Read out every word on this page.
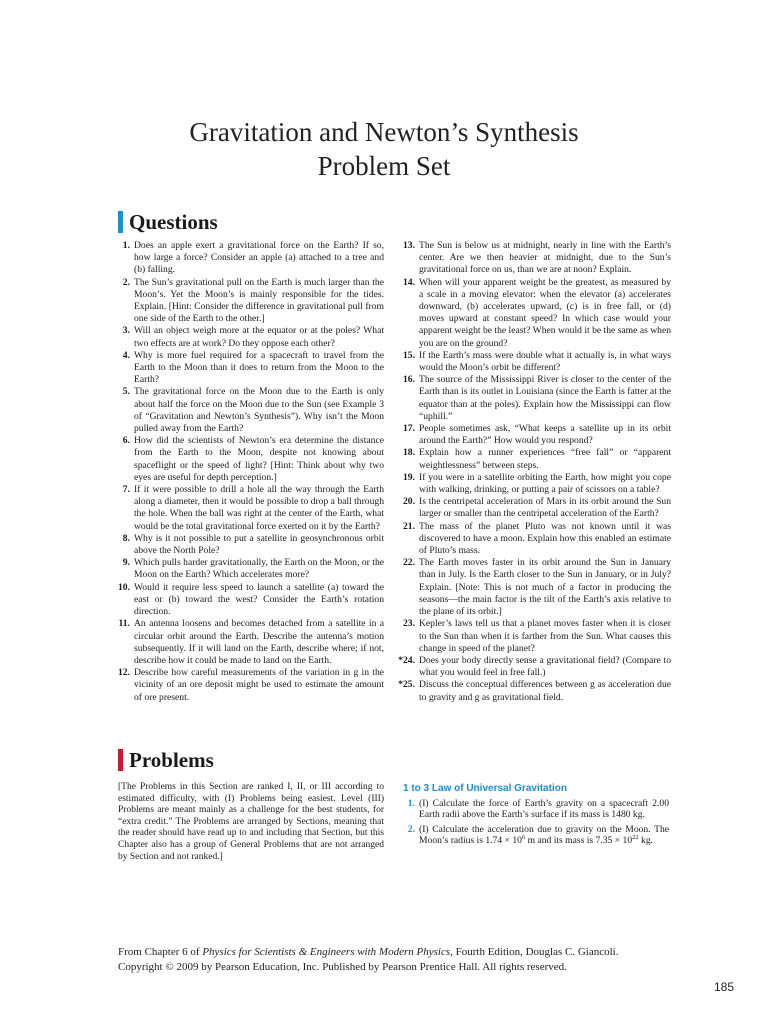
Gravitation and Newton’s Synthesis
Problem Set
Questions
1. Does an apple exert a gravitational force on the Earth? If so, how large a force? Consider an apple (a) attached to a tree and (b) falling.
2. The Sun’s gravitational pull on the Earth is much larger than the Moon’s. Yet the Moon’s is mainly responsible for the tides. Explain. [Hint: Consider the difference in gravitational pull from one side of the Earth to the other.]
3. Will an object weigh more at the equator or at the poles? What two effects are at work? Do they oppose each other?
4. Why is more fuel required for a spacecraft to travel from the Earth to the Moon than it does to return from the Moon to the Earth?
5. The gravitational force on the Moon due to the Earth is only about half the force on the Moon due to the Sun (see Example 3 of “Gravitation and Newton’s Synthesis”). Why isn’t the Moon pulled away from the Earth?
6. How did the scientists of Newton’s era determine the distance from the Earth to the Moon, despite not knowing about spaceflight or the speed of light? [Hint: Think about why two eyes are useful for depth perception.]
7. If it were possible to drill a hole all the way through the Earth along a diameter, then it would be possible to drop a ball through the hole. When the ball was right at the center of the Earth, what would be the total gravitational force exerted on it by the Earth?
8. Why is it not possible to put a satellite in geosynchronous orbit above the North Pole?
9. Which pulls harder gravitationally, the Earth on the Moon, or the Moon on the Earth? Which accelerates more?
10. Would it require less speed to launch a satellite (a) toward the east or (b) toward the west? Consider the Earth’s rotation direction.
11. An antenna loosens and becomes detached from a satellite in a circular orbit around the Earth. Describe the antenna’s motion subsequently. If it will land on the Earth, describe where; if not, describe how it could be made to land on the Earth.
12. Describe how careful measurements of the variation in g in the vicinity of an ore deposit might be used to estimate the amount of ore present.
13. The Sun is below us at midnight, nearly in line with the Earth’s center. Are we then heavier at midnight, due to the Sun’s gravitational force on us, than we are at noon? Explain.
14. When will your apparent weight be the greatest, as measured by a scale in a moving elevator: when the elevator (a) accelerates downward, (b) accelerates upward, (c) is in free fall, or (d) moves upward at constant speed? In which case would your apparent weight be the least? When would it be the same as when you are on the ground?
15. If the Earth’s mass were double what it actually is, in what ways would the Moon’s orbit be different?
16. The source of the Mississippi River is closer to the center of the Earth than is its outlet in Louisiana (since the Earth is fatter at the equator than at the poles). Explain how the Mississippi can flow “uphill.”
17. People sometimes ask, “What keeps a satellite up in its orbit around the Earth?” How would you respond?
18. Explain how a runner experiences “free fall” or “apparent weightlessness” between steps.
19. If you were in a satellite orbiting the Earth, how might you cope with walking, drinking, or putting a pair of scissors on a table?
20. Is the centripetal acceleration of Mars in its orbit around the Sun larger or smaller than the centripetal acceleration of the Earth?
21. The mass of the planet Pluto was not known until it was discovered to have a moon. Explain how this enabled an estimate of Pluto’s mass.
22. The Earth moves faster in its orbit around the Sun in January than in July. Is the Earth closer to the Sun in January, or in July? Explain. [Note: This is not much of a factor in producing the seasons—the main factor is the tilt of the Earth’s axis relative to the plane of its orbit.]
23. Kepler’s laws tell us that a planet moves faster when it is closer to the Sun than when it is farther from the Sun. What causes this change in speed of the planet?
*24. Does your body directly sense a gravitational field? (Compare to what you would feel in free fall.)
*25. Discuss the conceptual differences between g as acceleration due to gravity and g as gravitational field.
Problems
[The Problems in this Section are ranked I, II, or III according to estimated difficulty, with (I) Problems being easiest. Level (III) Problems are meant mainly as a challenge for the best students, for “extra credit.” The Problems are arranged by Sections, meaning that the reader should have read up to and including that Section, but this Chapter also has a group of General Problems that are not arranged by Section and not ranked.]
1 to 3 Law of Universal Gravitation
1. (I) Calculate the force of Earth’s gravity on a spacecraft 2.00 Earth radii above the Earth’s surface if its mass is 1480 kg.
2. (I) Calculate the acceleration due to gravity on the Moon. The Moon’s radius is $1.74 \times 10^6$ m and its mass is $7.35 \times 10^{22}$ kg.
From Chapter 6 of Physics for Scientists & Engineers with Modern Physics, Fourth Edition, Douglas C. Giancoli.
Copyright © 2009 by Pearson Education, Inc. Published by Pearson Prentice Hall. All rights reserved.
185
